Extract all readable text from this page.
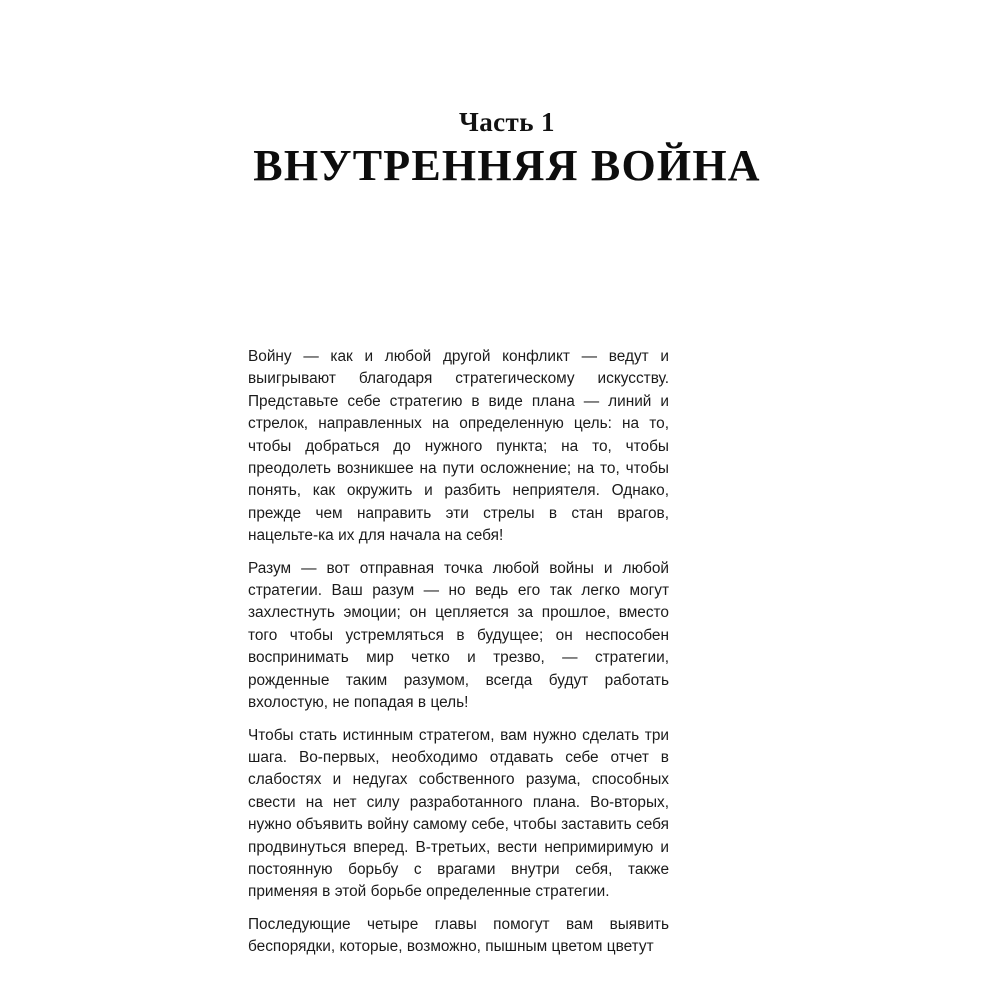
Часть 1
ВНУТРЕННЯЯ ВОЙНА

Войну — как и любой другой конфликт — ведут и выигрывают благодаря стратегическому искусству. Представьте себе стратегию в виде плана — линий и стрелок, направленных на определенную цель: на то, чтобы добраться до нужного пункта; на то, чтобы преодолеть возникшее на пути осложнение; на то, чтобы понять, как окружить и разбить неприятеля. Однако, прежде чем направить эти стрелы в стан врагов, нацельте-ка их для начала на себя!

Разум — вот отправная точка любой войны и любой стратегии. Ваш разум — но ведь его так легко могут захлестнуть эмоции; он цепляется за прошлое, вместо того чтобы устремляться в будущее; он неспособен воспринимать мир четко и трезво, — стратегии, рожденные таким разумом, всегда будут работать вхолостую, не попадая в цель!

Чтобы стать истинным стратегом, вам нужно сделать три шага. Во-первых, необходимо отдавать себе отчет в слабостях и недугах собственного разума, способных свести на нет силу разработанного плана. Во-вторых, нужно объявить войну самому себе, чтобы заставить себя продвинуться вперед. В-третьих, вести непримиримую и постоянную борьбу с врагами внутри себя, также применяя в этой борьбе определенные стратегии.

Последующие четыре главы помогут вам выявить беспорядки, которые, возможно, пышным цветом цветут
